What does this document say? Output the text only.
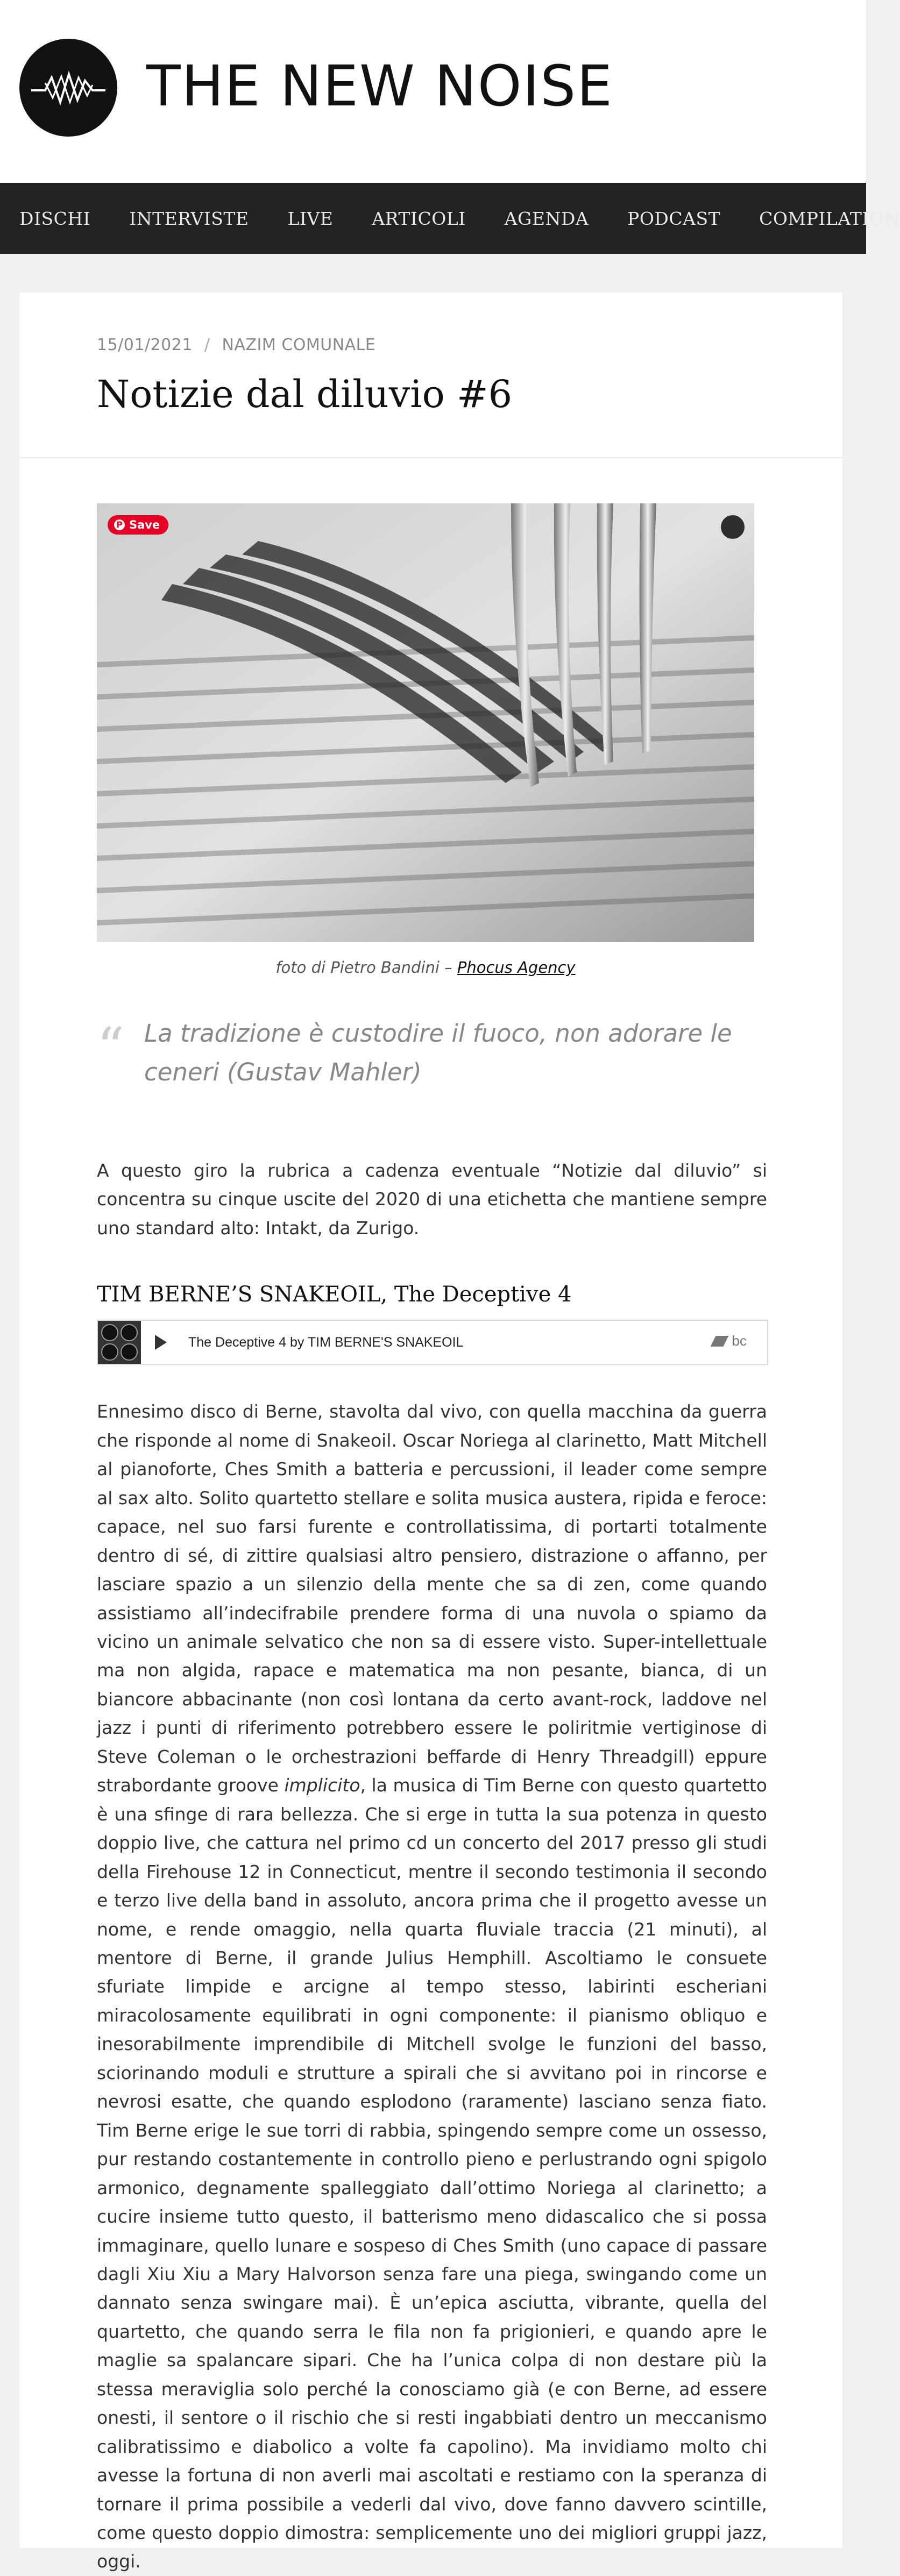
THE NEW NOISE
DISCHI INTERVISTE LIVE ARTICOLI AGENDA PODCAST COMPILATION
15/01/2021 / NAZIM COMUNALE
Notizie dal diluvio #6
P Save
foto di Pietro Bandini – Phocus Agency
“ La tradizione è custodire il fuoco, non adorare le ceneri (Gustav Mahler)

A questo giro la rubrica a cadenza eventuale “Notizie dal diluvio” si concentra su cinque uscite del 2020 di una etichetta che mantiene sempre uno standard alto: Intakt, da Zurigo.

TIM BERNE’S SNAKEOIL, The Deceptive 4
The Deceptive 4 by TIM BERNE'S SNAKEOIL	bc

Ennesimo disco di Berne, stavolta dal vivo, con quella macchina da guerra che risponde al nome di Snakeoil. Oscar Noriega al clarinetto, Matt Mitchell al pianoforte, Ches Smith a batteria e percussioni, il leader come sempre al sax alto. Solito quartetto stellare e solita musica austera, ripida e feroce: capace, nel suo farsi furente e controllatissima, di portarti totalmente dentro di sé, di zittire qualsiasi altro pensiero, distrazione o affanno, per lasciare spazio a un silenzio della mente che sa di zen, come quando assistiamo all’indecifrabile prendere forma di una nuvola o spiamo da vicino un animale selvatico che non sa di essere visto. Super-intellettuale ma non algida, rapace e matematica ma non pesante, bianca, di un biancore abbacinante (non così lontana da certo avant-rock, laddove nel jazz i punti di riferimento potrebbero essere le poliritmie vertiginose di Steve Coleman o le orchestrazioni beffarde di Henry Threadgill) eppure strabordante groove implicito, la musica di Tim Berne con questo quartetto è una sfinge di rara bellezza. Che si erge in tutta la sua potenza in questo doppio live, che cattura nel primo cd un concerto del 2017 presso gli studi della Firehouse 12 in Connecticut, mentre il secondo testimonia il secondo e terzo live della band in assoluto, ancora prima che il progetto avesse un nome, e rende omaggio, nella quarta fluviale traccia (21 minuti), al mentore di Berne, il grande Julius Hemphill. Ascoltiamo le consuete sfuriate limpide e arcigne al tempo stesso, labirinti escheriani miracolosamente equilibrati in ogni componente: il pianismo obliquo e inesorabilmente imprendibile di Mitchell svolge le funzioni del basso, sciorinando moduli e strutture a spirali che si avvitano poi in rincorse e nevrosi esatte, che quando esplodono (raramente) lasciano senza fiato. Tim Berne erige le sue torri di rabbia, spingendo sempre come un ossesso, pur restando costantemente in controllo pieno e perlustrando ogni spigolo armonico, degnamente spalleggiato dall’ottimo Noriega al clarinetto; a cucire insieme tutto questo, il batterismo meno didascalico che si possa immaginare, quello lunare e sospeso di Ches Smith (uno capace di passare dagli Xiu Xiu a Mary Halvorson senza fare una piega, swingando come un dannato senza swingare mai). È un’epica asciutta, vibrante, quella del quartetto, che quando serra le fila non fa prigionieri, e quando apre le maglie sa spalancare sipari. Che ha l’unica colpa di non destare più la stessa meraviglia solo perché la conosciamo già (e con Berne, ad essere onesti, il sentore o il rischio che si resti ingabbiati dentro un meccanismo calibratissimo e diabolico a volte fa capolino). Ma invidiamo molto chi avesse la fortuna di non averli mai ascoltati e restiamo con la speranza di tornare il prima possibile a vederli dal vivo, dove fanno davvero scintille, come questo doppio dimostra: semplicemente uno dei migliori gruppi jazz, oggi.
